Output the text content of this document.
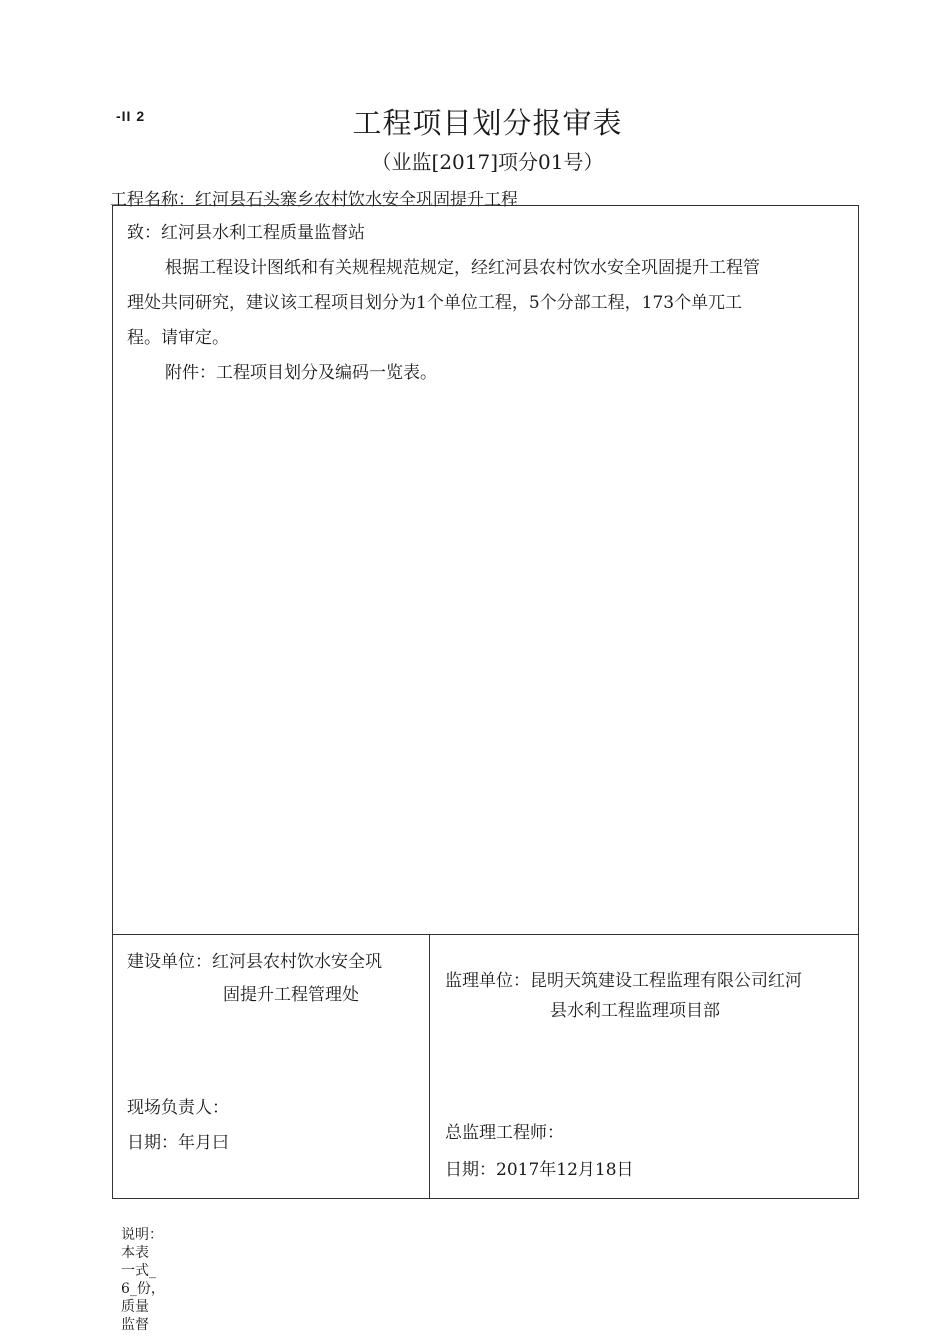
-II 2	工程项目划分报审表
（业监[2017]项分01号）
工程名称：红河县石头寨乡农村饮水安全巩固提升工程
致：红河县水利工程质量监督站
根据工程设计图纸和有关规程规范规定，经红河县农村饮水安全巩固提升工程管
理处共同研究，建议该工程项目划分为1个单位工程，5个分部工程，173个单兀工
程。请审定。
附件：工程项目划分及编码一览表。
建设单位：红河县农村饮水安全巩
固提升工程管理处
现场负责人：
日期：年月曰
监理单位：昆明天筑建设工程监理有限公司红河
县水利工程监理项目部
总监理工程师：
日期：2017年12月18日
说明：
本表
一式_
6_份，
质量
监督
